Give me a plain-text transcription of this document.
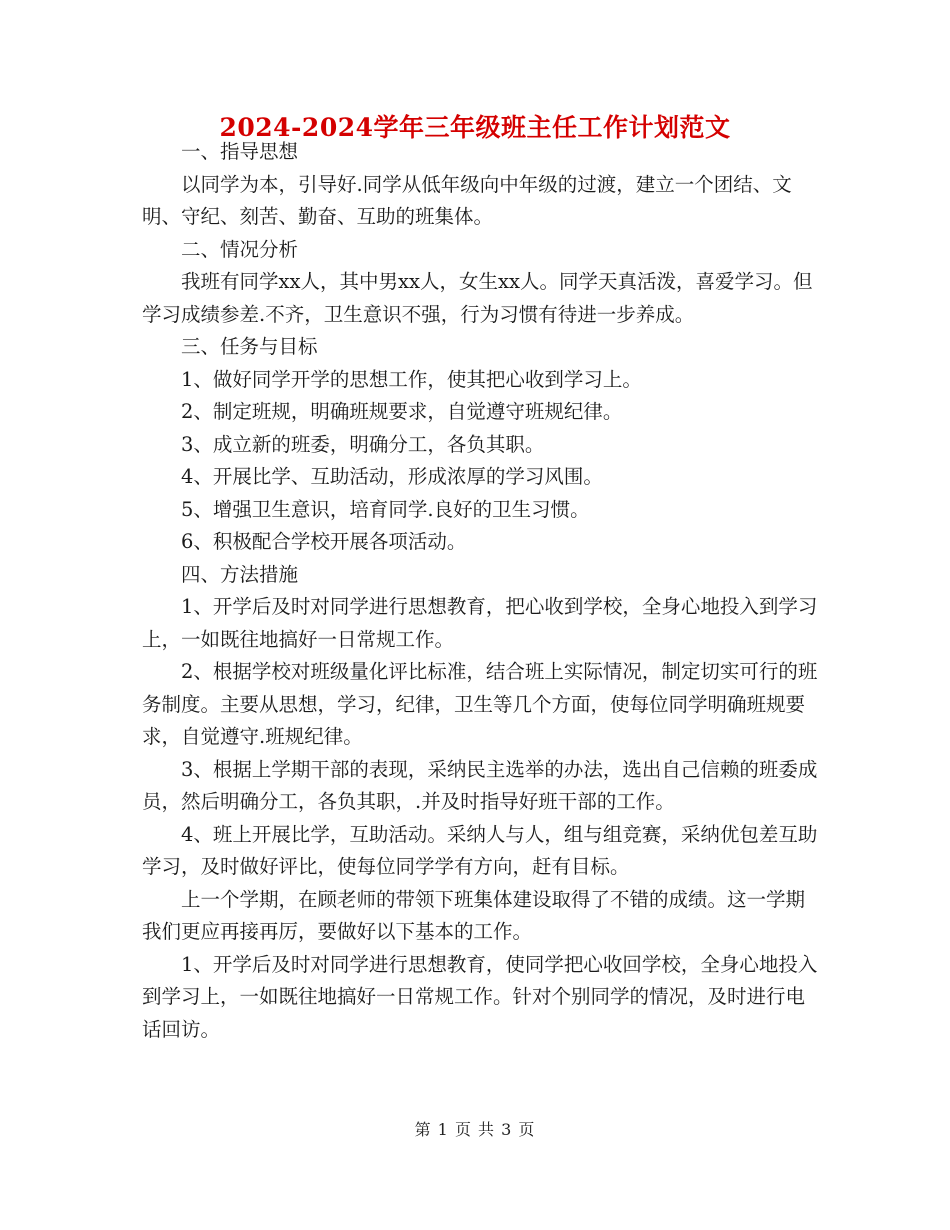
2024-2024学年三年级班主任工作计划范文

一、指导思想

以同学为本，引导好.同学从低年级向中年级的过渡，建立一个团结、文明、守纪、刻苦、勤奋、互助的班集体。

二、情况分析

我班有同学xx人，其中男xx人，女生xx人。同学天真活泼，喜爱学习。但学习成绩参差.不齐，卫生意识不强，行为习惯有待进一步养成。

三、任务与目标

1、做好同学开学的思想工作，使其把心收到学习上。

2、制定班规，明确班规要求，自觉遵守班规纪律。

3、成立新的班委，明确分工，各负其职。

4、开展比学、互助活动，形成浓厚的学习风围。

5、增强卫生意识，培育同学.良好的卫生习惯。

6、积极配合学校开展各项活动。

四、方法措施

1、开学后及时对同学进行思想教育，把心收到学校，全身心地投入到学习上，一如既往地搞好一日常规工作。

2、根据学校对班级量化评比标准，结合班上实际情况，制定切实可行的班务制度。主要从思想，学习，纪律，卫生等几个方面，使每位同学明确班规要求，自觉遵守.班规纪律。

3、根据上学期干部的表现，采纳民主选举的办法，选出自己信赖的班委成员，然后明确分工，各负其职，.并及时指导好班干部的工作。

4、班上开展比学，互助活动。采纳人与人，组与组竞赛，采纳优包差互助学习，及时做好评比，使每位同学学有方向，赶有目标。

上一个学期，在顾老师的带领下班集体建设取得了不错的成绩。这一学期我们更应再接再厉，要做好以下基本的工作。

1、开学后及时对同学进行思想教育，使同学把心收回学校，全身心地投入到学习上，一如既往地搞好一日常规工作。针对个别同学的情况，及时进行电话回访。

第 1 页 共 3 页
